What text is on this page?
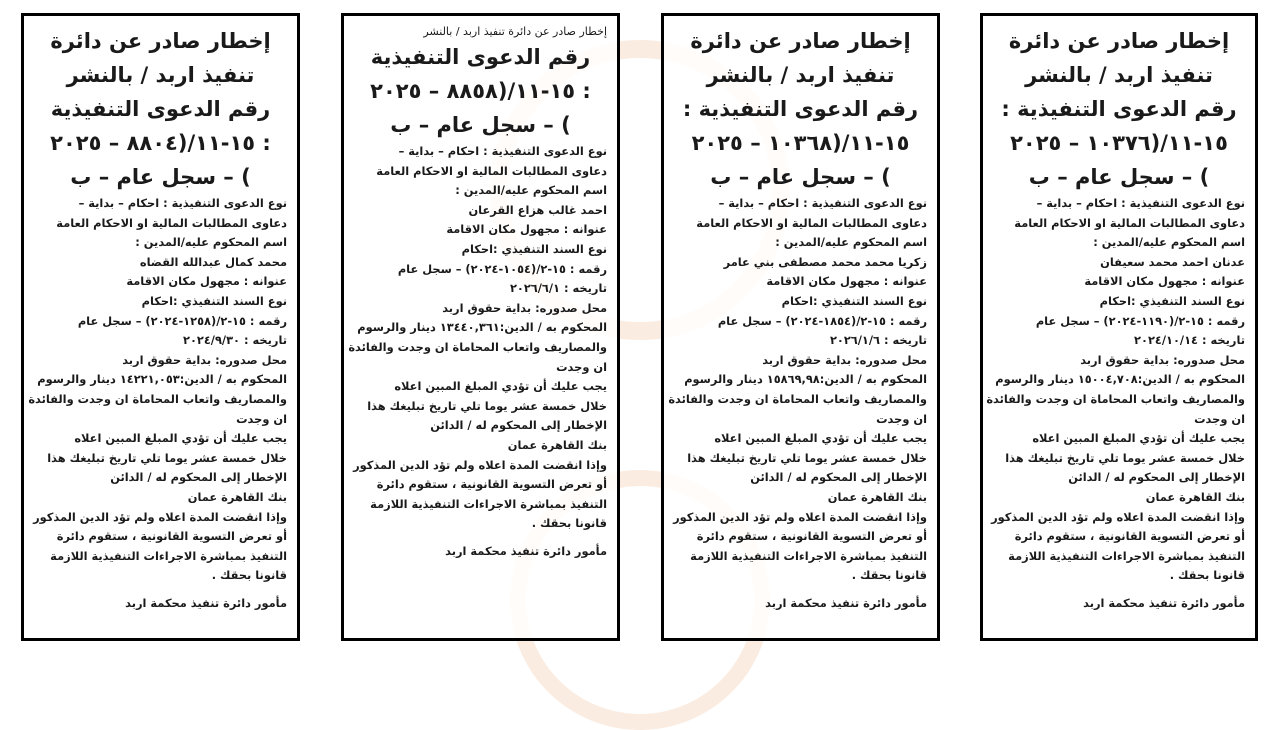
إخطار صادر عن دائرة

تنفيذ اربد / بالنشر

رقم الدعوى التنفيذية :

١٥-١١/(١٠٣٧٦ – ٢٠٢٥

) – سجل عام – ب

نوع الدعوى التنفيذية : احكام – بداية –

دعاوى المطالبات المالية او الاحكام العامة

اسم المحكوم عليه/المدين :

عدنان احمد محمد سعيفان

عنوانه : مجهول مكان الاقامة

نوع السند التنفيذي :احكام

رقمه : ١٥-٢/(١١٩٠-٢٠٢٤) – سجل عام

تاريخه : ٢٠٢٤/١٠/١٤

محل صدوره: بداية حقوق اربد

المحكوم به / الدين:١٥٠٠٤,٧٠٨ دينار والرسوم

والمصاريف واتعاب المحاماة ان وجدت والفائدة

ان وجدت

يجب عليك أن تؤدي المبلغ المبين اعلاه

خلال خمسة عشر يوما تلي تاريخ تبليغك هذا

الإخطار إلى المحكوم له / الدائن

بنك القاهرة عمان

وإذا انقضت المدة اعلاه ولم تؤد الدين المذكور

أو تعرض التسوية القانونية ، ستقوم دائرة

التنفيذ بمباشرة الاجراءات التنفيذية اللازمة

قانونا بحقك .

مأمور دائرة تنفيذ محكمة اربد

إخطار صادر عن دائرة

تنفيذ اربد / بالنشر

رقم الدعوى التنفيذية :

١٥-١١/(١٠٣٦٨ – ٢٠٢٥

) – سجل عام – ب

نوع الدعوى التنفيذية : احكام – بداية –

دعاوى المطالبات المالية او الاحكام العامة

اسم المحكوم عليه/المدين :

زكريا محمد محمد مصطفى بني عامر

عنوانه : مجهول مكان الاقامة

نوع السند التنفيذي :احكام

رقمه : ١٥-٢/(١٨٥٤-٢٠٢٤) – سجل عام

تاريخه : ٢٠٢٦/١/٦

محل صدوره: بداية حقوق اربد

المحكوم به / الدين:١٥٨٦٩,٩٨ دينار والرسوم

والمصاريف واتعاب المحاماة ان وجدت والفائدة

ان وجدت

يجب عليك أن تؤدي المبلغ المبين اعلاه

خلال خمسة عشر يوما تلي تاريخ تبليغك هذا

الإخطار إلى المحكوم له / الدائن

بنك القاهرة عمان

وإذا انقضت المدة اعلاه ولم تؤد الدين المذكور

أو تعرض التسوية القانونية ، ستقوم دائرة

التنفيذ بمباشرة الاجراءات التنفيذية اللازمة

قانونا بحقك .

مأمور دائرة تنفيذ محكمة اربد

إخطار صادر عن دائرة تنفيذ اربد / بالنشر

رقم الدعوى التنفيذية

: ١٥-١١/(٨٨٥٨ – ٢٠٢٥

) – سجل عام – ب

نوع الدعوى التنفيذية : احكام – بداية –

دعاوى المطالبات المالية او الاحكام العامة

اسم المحكوم عليه/المدين :

احمد غالب هزاع القرعان

عنوانه : مجهول مكان الاقامة

نوع السند التنفيذي :احكام

رقمه : ١٥-٢/(١٠٥٤-٢٠٢٤) – سجل عام

تاريخه : ٢٠٢٦/٦/١

محل صدوره: بداية حقوق اربد

المحكوم به / الدين:١٣٤٤٠,٣٦١ دينار والرسوم

والمصاريف واتعاب المحاماة ان وجدت والفائدة

ان وجدت

يجب عليك أن تؤدي المبلغ المبين اعلاه

خلال خمسة عشر يوما تلي تاريخ تبليغك هذا

الإخطار إلى المحكوم له / الدائن

بنك القاهرة عمان

وإذا انقضت المدة اعلاه ولم تؤد الدين المذكور

أو تعرض التسوية القانونية ، ستقوم دائرة

التنفيذ بمباشرة الاجراءات التنفيذية اللازمة

قانونا بحقك .

مأمور دائرة تنفيذ محكمة اربد

إخطار صادر عن دائرة

تنفيذ اربد / بالنشر

رقم الدعوى التنفيذية

: ١٥-١١/(٨٨٠٤ – ٢٠٢٥

) – سجل عام – ب

نوع الدعوى التنفيذية : احكام – بداية –

دعاوى المطالبات المالية او الاحكام العامة

اسم المحكوم عليه/المدين :

محمد كمال عبدالله القضاه

عنوانه : مجهول مكان الاقامة

نوع السند التنفيذي :احكام

رقمه : ١٥-٢/(١٢٥٨-٢٠٢٤) – سجل عام

تاريخه : ٢٠٢٤/٩/٣٠

محل صدوره: بداية حقوق اربد

المحكوم به / الدين:١٤٢٢١,٠٥٣ دينار والرسوم

والمصاريف واتعاب المحاماة ان وجدت والفائدة

ان وجدت

يجب عليك أن تؤدي المبلغ المبين اعلاه

خلال خمسة عشر يوما تلي تاريخ تبليغك هذا

الإخطار إلى المحكوم له / الدائن

بنك القاهرة عمان

وإذا انقضت المدة اعلاه ولم تؤد الدين المذكور

أو تعرض التسوية القانونية ، ستقوم دائرة

التنفيذ بمباشرة الاجراءات التنفيذية اللازمة

قانونا بحقك .

مأمور دائرة تنفيذ محكمة اربد
